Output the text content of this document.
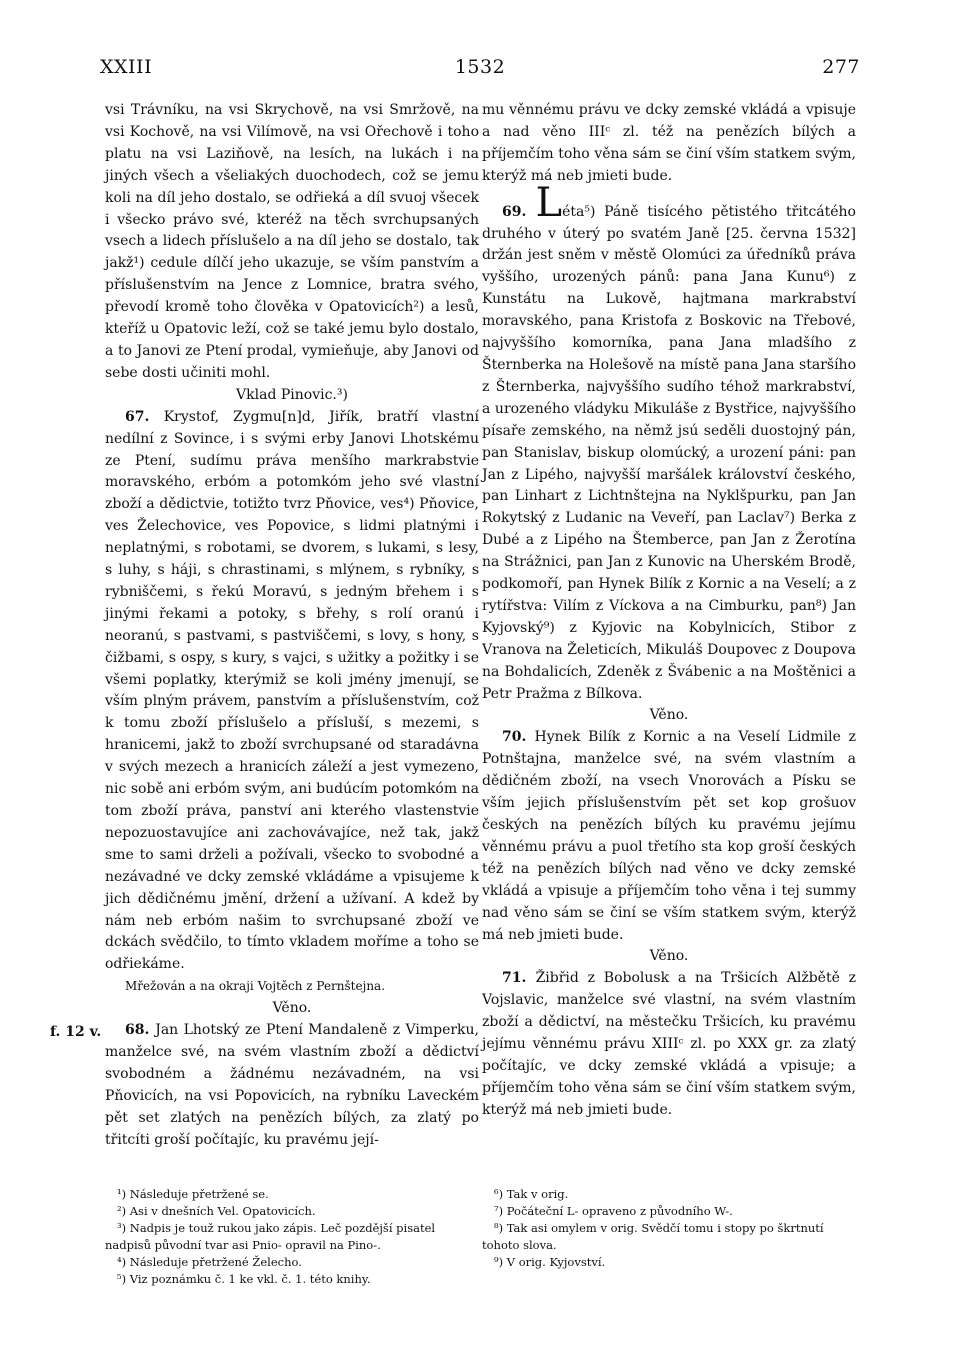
XXIII	1532	277
f. 12 v.

vsi Trávníku, na vsi Skrychově, na vsi Smržově, na vsi Kochově, na vsi Vilímově, na vsi Ořechově i toho platu na vsi Laziňově, na lesích, na lukách i na jiných všech a všeliakých duochodech, což se jemu koli na díl jeho dostalo, se odřieká a díl svuoj všecek i všecko právo své, kteréž na těch svrchupsaných vsech a lidech příslušelo a na díl jeho se dostalo, tak jakž¹) cedule dílčí jeho ukazuje, se vším panstvím a příslušenstvím na Jence z Lomnice, bratra svého, převodí kromě toho člověka v Opatovicích²) a lesů, kteříž u Opatovic leží, což se také jemu bylo dostalo, a to Janovi ze Ptení prodal, vymieňuje, aby Janovi od sebe dosti učiniti mohl.

Vklad Pinovic.³)

67. Krystof, Zygmu[n]d, Jiřík, bratří vlastní nedílní z Sovince, i s svými erby Janovi Lhotskému ze Ptení, sudímu práva menšího markrabstvie moravského, erbóm a potomkóm jeho své vlastní zboží a dědictvie, totižto tvrz Pňovice, ves⁴) Pňovice, ves Želechovice, ves Popovice, s lidmi platnými i neplatnými, s robotami, se dvorem, s lukami, s lesy, s luhy, s háji, s chrastinami, s mlýnem, s rybníky, s rybniščemi, s řekú Moravú, s jedným břehem i s jinými řekami a potoky, s břehy, s rolí oranú i neoranú, s pastvami, s pastviščemi, s lovy, s hony, s čižbami, s ospy, s kury, s vajci, s užitky a požitky i se všemi poplatky, kterýmiž se koli jmény jmenují, se vším plným právem, panstvím a příslušenstvím, což k tomu zboží příslušelo a přísluší, s mezemi, s hranicemi, jakž to zboží svrchupsané od staradávna v svých mezech a hranicích záleží a jest vymezeno, nic sobě ani erbóm svým, ani budúcím potomkóm na tom zboží práva, panství ani kterého vlastenstvie nepozuostavujíce ani zachovávajíce, než tak, jakž sme to sami drželi a požívali, všecko to svobodné a nezávadné ve dcky zemské vkládáme a vpisujeme k jich dědičnému jmění, držení a užívaní. A kdež by nám neb erbóm našim to svrchupsané zboží ve dckách svědčilo, to tímto vkladem moříme a toho se odřiekáme.

Mřežován a na okraji Vojtěch z Pernštejna.

Věno.

68. Jan Lhotský ze Ptení Mandaleně z Vimperku, manželce své, na svém vlastním zboží a dědictví svobodném a žádnému nezávadném, na vsi Pňovicích, na vsi Popovicích, na rybníku Laveckém pět set zlatých na penězích bílých, za zlatý po třitcíti groší počítajíc, ku pravému její-

mu věnnému právu ve dcky zemské vkládá a vpisuje a nad věno IIIᶜ zl. též na penězích bílých a příjemčím toho věna sám se činí vším statkem svým, kterýž má neb jmieti bude.

69. Léta⁵) Páně tisícého pětistého třitcátého druhého v úterý po svatém Janě [25. června 1532] držán jest sněm v městě Olomúci za úředníků práva vyššího, urozených pánů: pana Jana Kunu⁶) z Kunstátu na Lukově, hajtmana markrabství moravského, pana Kristofa z Boskovic na Třebové, najvyššího komorníka, pana Jana mladšího z Šternberka na Holešově na místě pana Jana staršího z Šternberka, najvyššího sudího téhož markrabství, a urozeného vládyku Mikuláše z Bystřice, najvyššího písaře zemského, na němž jsú seděli duostojný pán, pan Stanislav, biskup olomúcký, a urození páni: pan Jan z Lipého, najvyšší maršálek království českého, pan Linhart z Lichtnštejna na Nyklšpurku, pan Jan Rokytský z Ludanic na Veveří, pan Laclav⁷) Berka z Dubé a z Lipého na Štemberce, pan Jan z Žerotína na Strážnici, pan Jan z Kunovic na Uherském Brodě, podkomoří, pan Hynek Bilík z Kornic a na Veselí; a z rytířstva: Vilím z Víckova a na Cimburku, pan⁸) Jan Kyjovský⁹) z Kyjovic na Kobylnicích, Stibor z Vranova na Želeticích, Mikuláš Doupovec z Doupova na Bohdalicích, Zdeněk z Švábenic a na Moštěnici a Petr Pražma z Bílkova.

Věno.

70. Hynek Bilík z Kornic a na Veselí Lidmile z Potnštajna, manželce své, na svém vlastním a dědičném zboží, na vsech Vnorovách a Písku se vším jejich příslušenstvím pět set kop grošuov českých na penězích bílých ku pravému jejímu věnnému právu a puol třetího sta kop groší českých též na penězích bílých nad věno ve dcky zemské vkládá a vpisuje a příjemčím toho věna i tej summy nad věno sám se činí se vším statkem svým, kterýž má neb jmieti bude.

Věno.

71. Žibřid z Bobolusk a na Tršicích Alžbětě z Vojslavic, manželce své vlastní, na svém vlastním zboží a dědictví, na městečku Tršicích, ku pravému jejímu věnnému právu XIIIᶜ zl. po XXX gr. za zlatý počítajíc, ve dcky zemské vkládá a vpisuje; a příjemčím toho věna sám se činí vším statkem svým, kterýž má neb jmieti bude.

¹) Následuje přetržené se.
²) Asi v dnešních Vel. Opatovicích.
³) Nadpis je touž rukou jako zápis. Leč pozdější pisatel nadpisů původní tvar asi Pnio- opravil na Pino-.
⁴) Následuje přetržené Želecho.
⁵) Viz poznámku č. 1 ke vkl. č. 1. této knihy.
⁶) Tak v orig.
⁷) Počáteční L- opraveno z původního W-.
⁸) Tak asi omylem v orig. Svědčí tomu i stopy po škrtnutí tohoto slova.
⁹) V orig. Kyjovství.
